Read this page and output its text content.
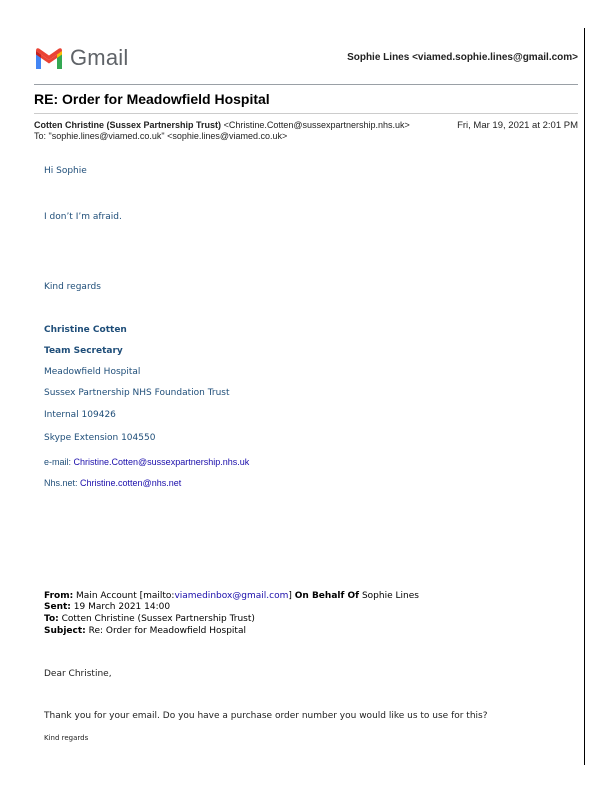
Gmail	Sophie Lines <viamed.sophie.lines@gmail.com>
RE: Order for Meadowfield Hospital
Cotten Christine (Sussex Partnership Trust) <Christine.Cotten@sussexpartnership.nhs.uk>	Fri, Mar 19, 2021 at 2:01 PM
To: "sophie.lines@viamed.co.uk" <sophie.lines@viamed.co.uk>
Hi Sophie
I don’t I’m afraid.
Kind regards
Christine Cotten
Team Secretary
Meadowfield Hospital
Sussex Partnership NHS Foundation Trust
Internal 109426
Skype Extension 104550
e-mail: Christine.Cotten@sussexpartnership.nhs.uk
Nhs.net: Christine.cotten@nhs.net
From: Main Account [mailto:viamedinbox@gmail.com] On Behalf Of Sophie Lines
Sent: 19 March 2021 14:00
To: Cotten Christine (Sussex Partnership Trust)
Subject: Re: Order for Meadowfield Hospital
Dear Christine,
Thank you for your email. Do you have a purchase order number you would like us to use for this?
Kind regards
